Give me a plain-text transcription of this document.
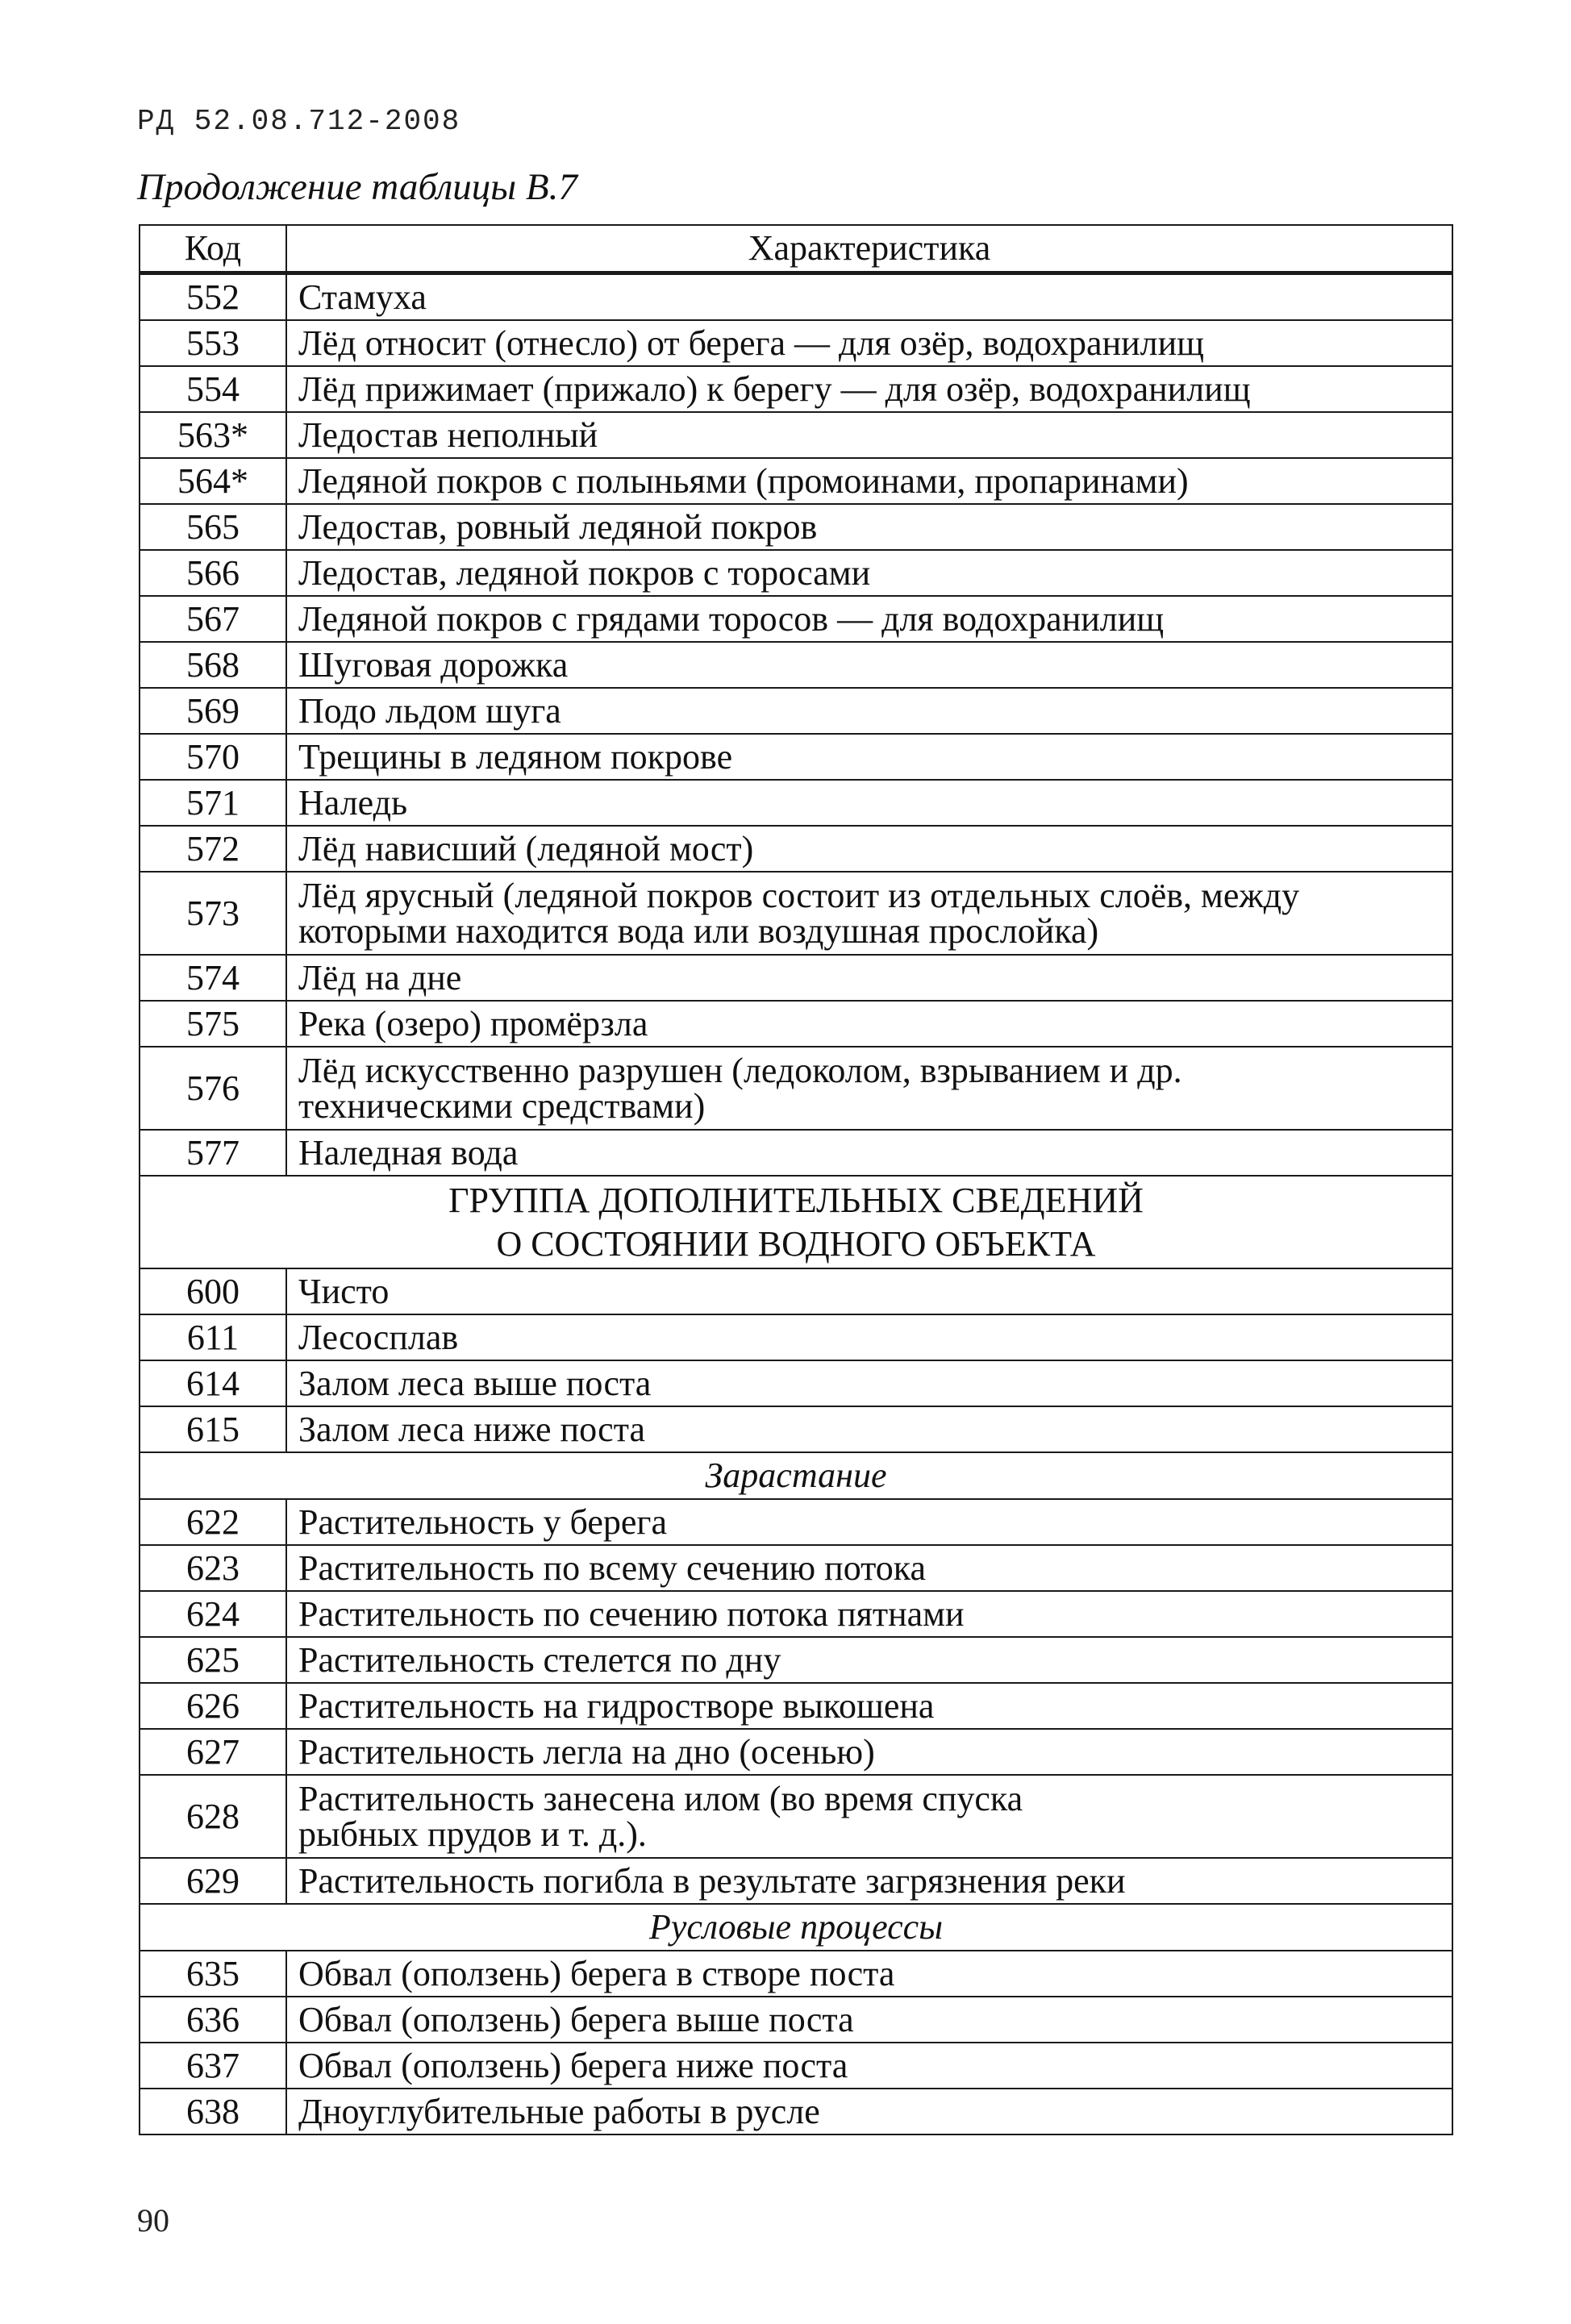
РД 52.08.712-2008
Продолжение таблицы В.7
Код	Характеристика
552	Стамуха
553	Лёд относит (отнесло) от берега — для озёр, водохранилищ
554	Лёд прижимает (прижало) к берегу — для озёр, водохранилищ
563*	Ледостав неполный
564*	Ледяной покров с полыньями (промоинами, пропаринами)
565	Ледостав, ровный ледяной покров
566	Ледостав, ледяной покров с торосами
567	Ледяной покров с грядами торосов — для водохранилищ
568	Шуговая дорожка
569	Подо льдом шуга
570	Трещины в ледяном покрове
571	Наледь
572	Лёд нависший (ледяной мост)
573	Лёд ярусный (ледяной покров состоит из отдельных слоёв, между
которыми находится вода или воздушная прослойка)

574	Лёд на дне
575	Река (озеро) промёрзла
576	Лёд искусственно разрушен (ледоколом, взрыванием и др.
техническими средствами)

577	Наледная вода

ГРУППА ДОПОЛНИТЕЛЬНЫХ СВЕДЕНИЙ
О СОСТОЯНИИ ВОДНОГО ОБЪЕКТА	

600	Чисто
611	Лесосплав
614	Залом леса выше поста
615	Залом леса ниже поста
Зарастание	
622	Растительность у берега
623	Растительность по всему сечению потока
624	Растительность по сечению потока пятнами
625	Растительность стелется по дну
626	Растительность на гидростворе выкошена
627	Растительность легла на дно (осенью)
628	Растительность занесена илом (во время спуска
рыбных прудов и т. д.).

629	Растительность погибла в результате загрязнения реки
Русловые процессы	
635	Обвал (оползень) берега в створе поста
636	Обвал (оползень) берега выше поста
637	Обвал (оползень) берега ниже поста
638	Дноуглубительные работы в русле
90
